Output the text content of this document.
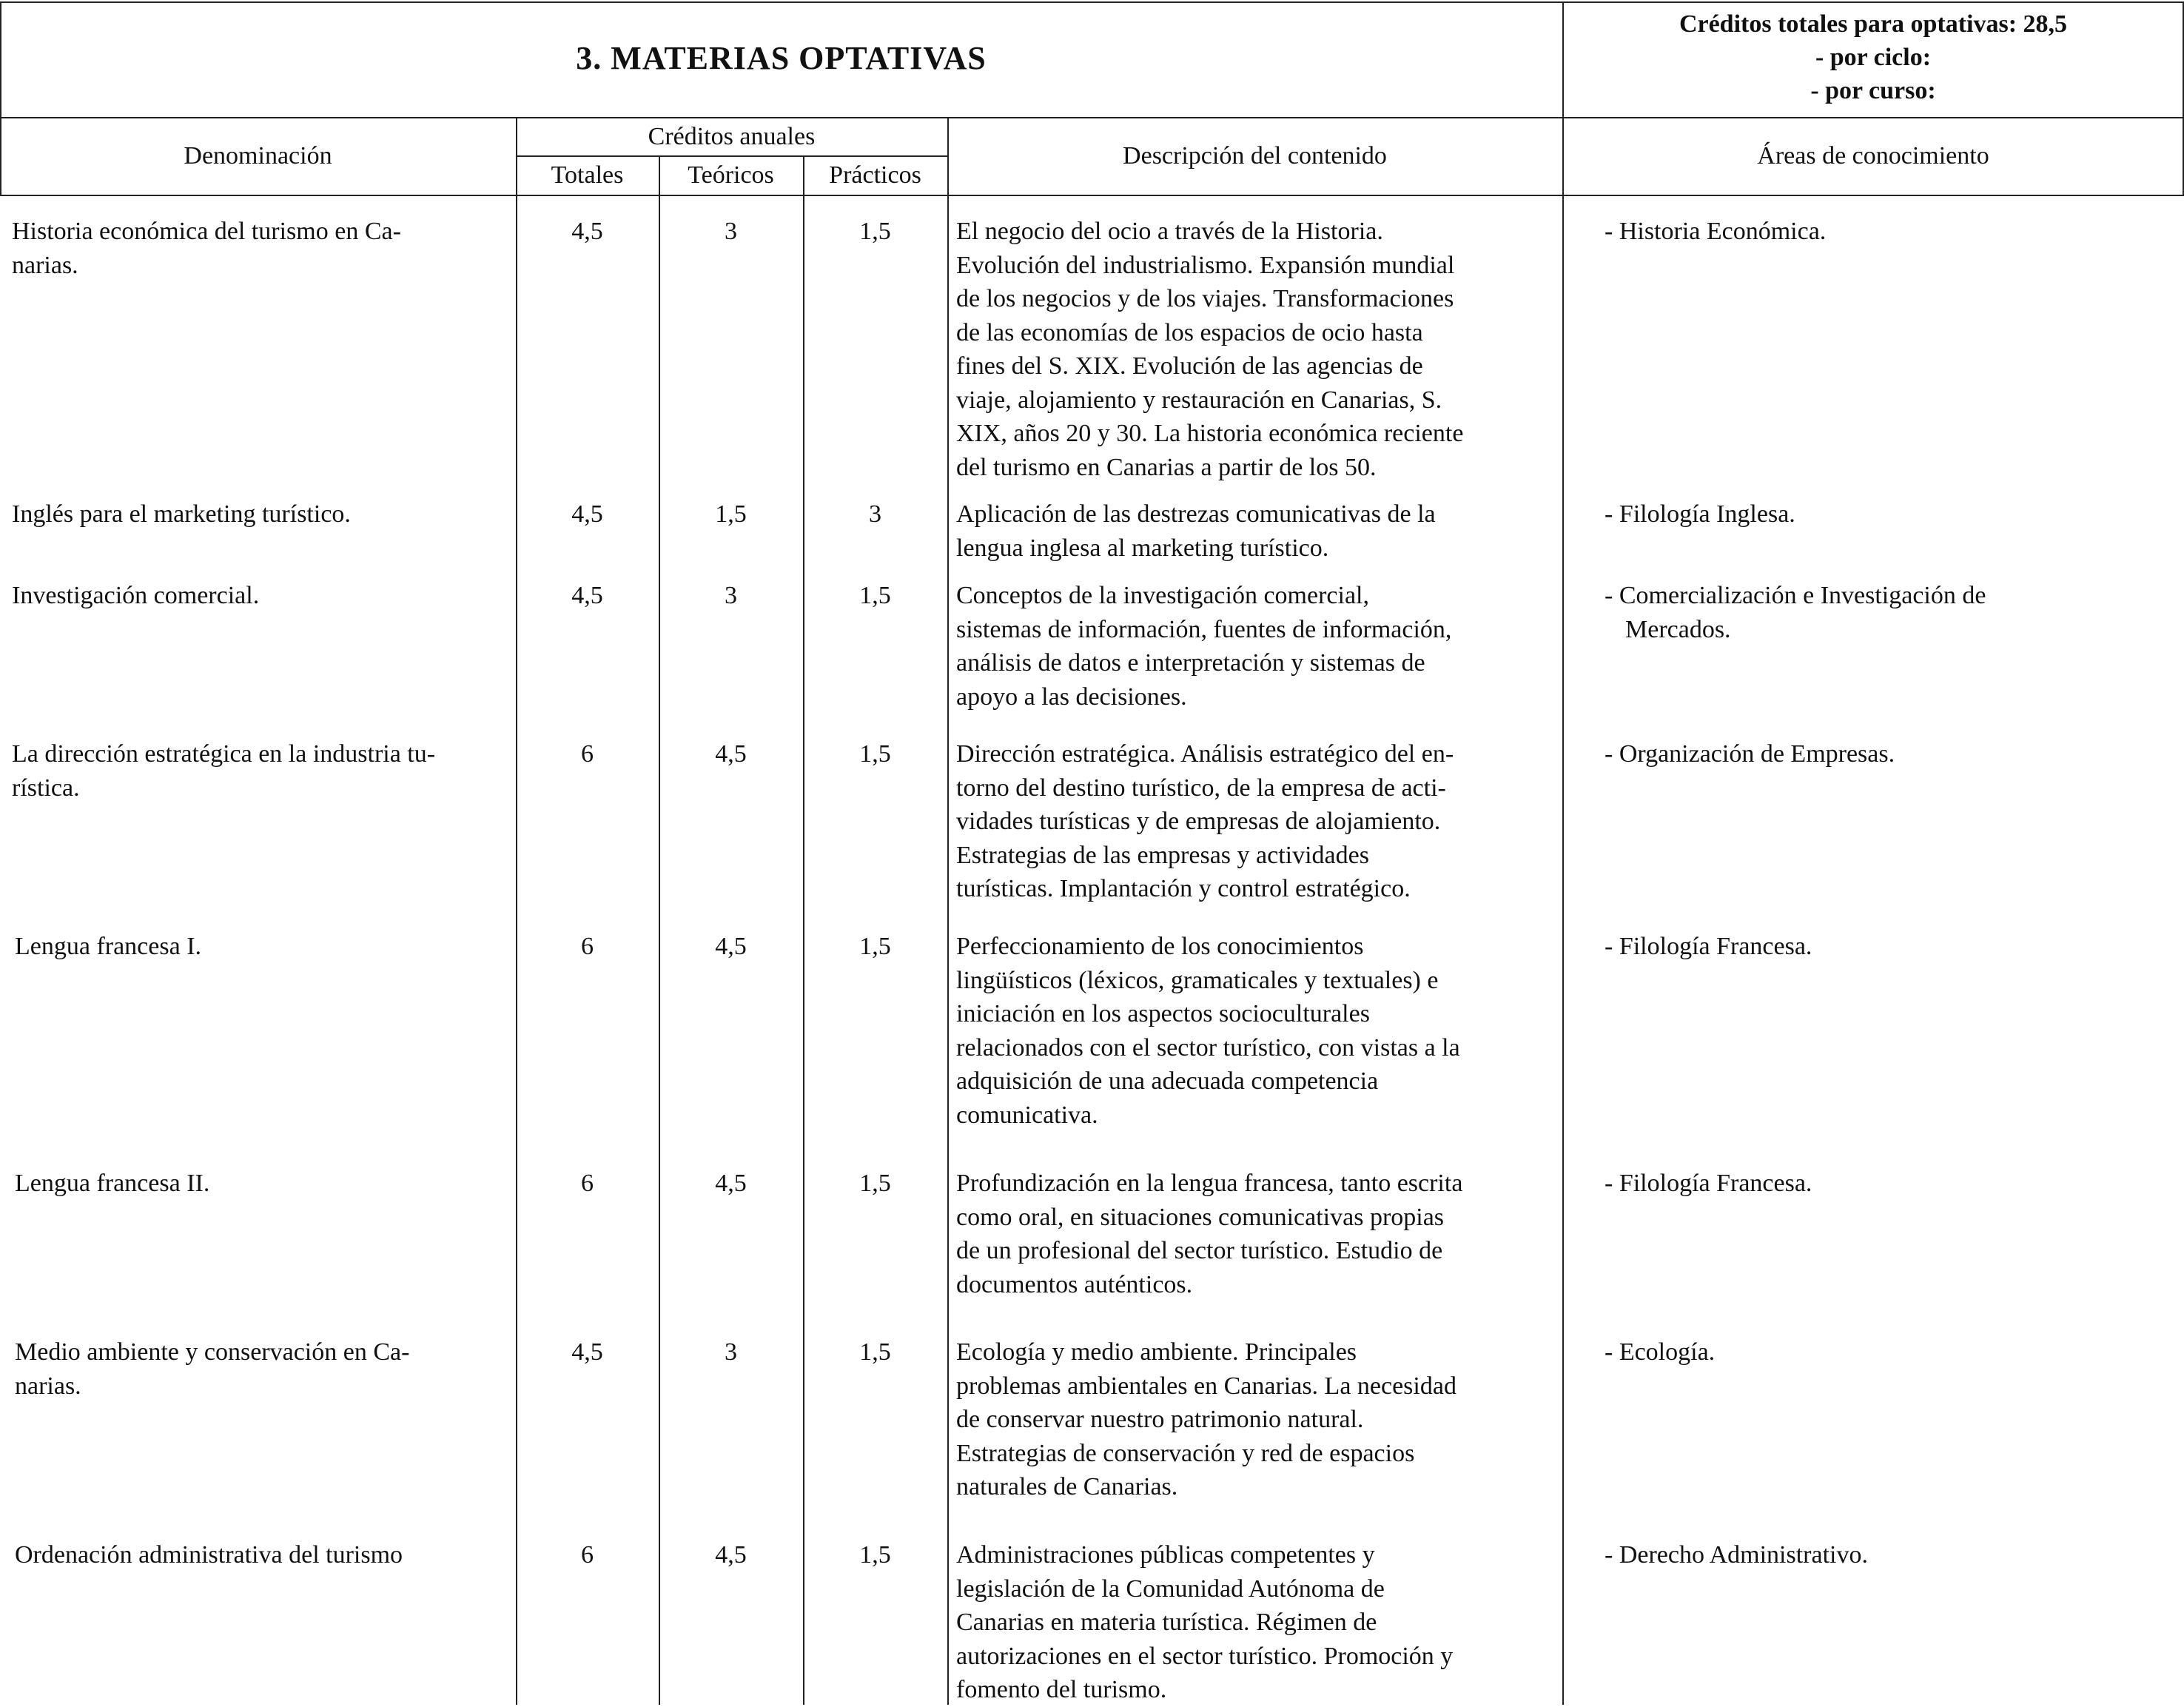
3. MATERIAS OPTATIVAS
Créditos totales para optativas: 28,5
- por ciclo:
- por curso:
Denominación
Créditos anuales
Totales	Teóricos	Prácticos
Descripción del contenido	Áreas de conocimiento
Historia económica del turismo en Ca-
narias.
4,5	3	1,5	El negocio del ocio a través de la Historia.
Evolución del industrialismo. Expansión mundial
de los negocios y de los viajes. Transformaciones
de las economías de los espacios de ocio hasta
fines del S. XIX. Evolución de las agencias de
viaje, alojamiento y restauración en Canarias, S.
XIX, años 20 y 30. La historia económica reciente
del turismo en Canarias a partir de los 50.
- Historia Económica.
Inglés para el marketing turístico.	4,5	1,5	3	Aplicación de las destrezas comunicativas de la
lengua inglesa al marketing turístico.
- Filología Inglesa.
Investigación comercial.	4,5	3	1,5	Conceptos de la investigación comercial,
sistemas de información, fuentes de información,
análisis de datos e interpretación y sistemas de
apoyo a las decisiones.
- Comercialización e Investigación de
Mercados.
La dirección estratégica en la industria tu-
rística.
6	4,5	1,5	Dirección estratégica. Análisis estratégico del en-
torno del destino turístico, de la empresa de acti-
vidades turísticas y de empresas de alojamiento.
Estrategias de las empresas y actividades
turísticas. Implantación y control estratégico.
- Organización de Empresas.
Lengua francesa I.	6	4,5	1,5	Perfeccionamiento de los conocimientos
lingüísticos (léxicos, gramaticales y textuales) e
iniciación en los aspectos socioculturales
relacionados con el sector turístico, con vistas a la
adquisición de una adecuada competencia
comunicativa.
- Filología Francesa.
Lengua francesa II.	6	4,5	1,5	Profundización en la lengua francesa, tanto escrita
como oral, en situaciones comunicativas propias
de un profesional del sector turístico. Estudio de
documentos auténticos.
- Filología Francesa.
Medio ambiente y conservación en Ca-
narias.
4,5	3	1,5	Ecología y medio ambiente. Principales
problemas ambientales en Canarias. La necesidad
de conservar nuestro patrimonio natural.
Estrategias de conservación y red de espacios
naturales de Canarias.
- Ecología.
Ordenación administrativa del turismo	6	4,5	1,5	Administraciones públicas competentes y
legislación de la Comunidad Autónoma de
Canarias en materia turística. Régimen de
autorizaciones en el sector turístico. Promoción y
fomento del turismo.
- Derecho Administrativo.
